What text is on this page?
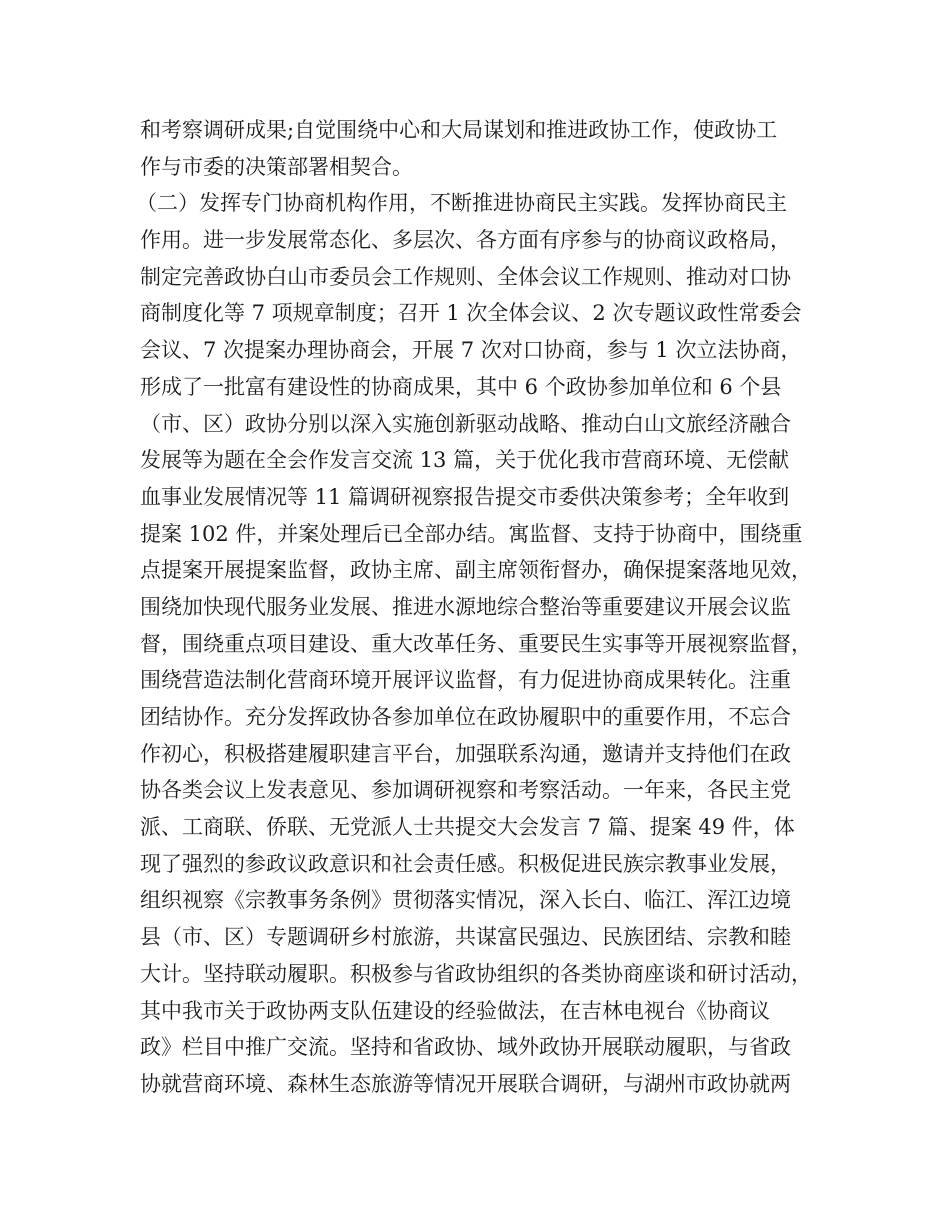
和考察调研成果;自觉围绕中心和大局谋划和推进政协工作，使政协工
作与市委的决策部署相契合。
（二）发挥专门协商机构作用，不断推进协商民主实践。发挥协商民主
作用。进一步发展常态化、多层次、各方面有序参与的协商议政格局，
制定完善政协白山市委员会工作规则、全体会议工作规则、推动对口协
商制度化等 7 项规章制度；召开 1 次全体会议、2 次专题议政性常委会
会议、7 次提案办理协商会，开展 7 次对口协商，参与 1 次立法协商，
形成了一批富有建设性的协商成果，其中 6 个政协参加单位和 6 个县
（市、区）政协分别以深入实施创新驱动战略、推动白山文旅经济融合
发展等为题在全会作发言交流 13 篇，关于优化我市营商环境、无偿献
血事业发展情况等 11 篇调研视察报告提交市委供决策参考；全年收到
提案 102 件，并案处理后已全部办结。寓监督、支持于协商中，围绕重
点提案开展提案监督，政协主席、副主席领衔督办，确保提案落地见效，
围绕加快现代服务业发展、推进水源地综合整治等重要建议开展会议监
督，围绕重点项目建设、重大改革任务、重要民生实事等开展视察监督，
围绕营造法制化营商环境开展评议监督，有力促进协商成果转化。注重
团结协作。充分发挥政协各参加单位在政协履职中的重要作用，不忘合
作初心，积极搭建履职建言平台，加强联系沟通，邀请并支持他们在政
协各类会议上发表意见、参加调研视察和考察活动。一年来，各民主党
派、工商联、侨联、无党派人士共提交大会发言 7 篇、提案 49 件，体
现了强烈的参政议政意识和社会责任感。积极促进民族宗教事业发展，
组织视察《宗教事务条例》贯彻落实情况，深入长白、临江、浑江边境
县（市、区）专题调研乡村旅游，共谋富民强边、民族团结、宗教和睦
大计。坚持联动履职。积极参与省政协组织的各类协商座谈和研讨活动，
其中我市关于政协两支队伍建设的经验做法，在吉林电视台《协商议
政》栏目中推广交流。坚持和省政协、域外政协开展联动履职，与省政
协就营商环境、森林生态旅游等情况开展联合调研，与湖州市政协就两
